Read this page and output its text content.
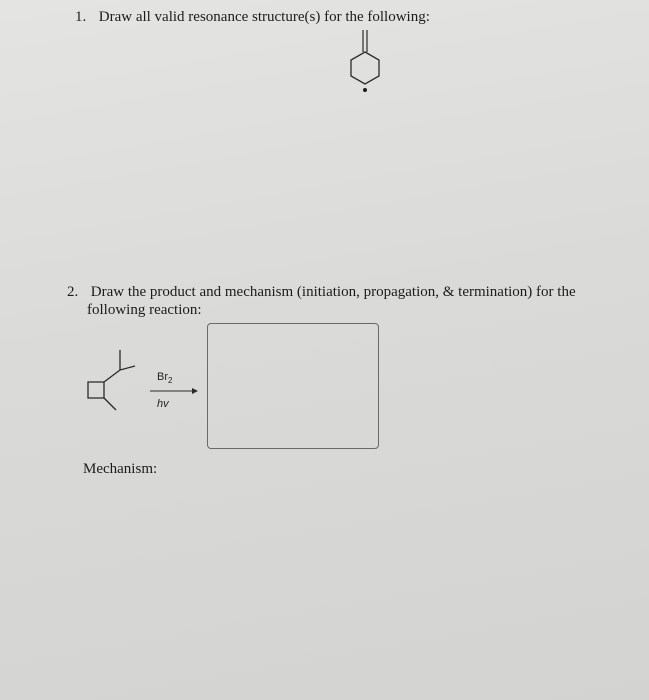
1. Draw all valid resonance structure(s) for the following:
2. Draw the product and mechanism (initiation, propagation, & termination) for the
following reaction:
$Br_2$
hv
Mechanism:
